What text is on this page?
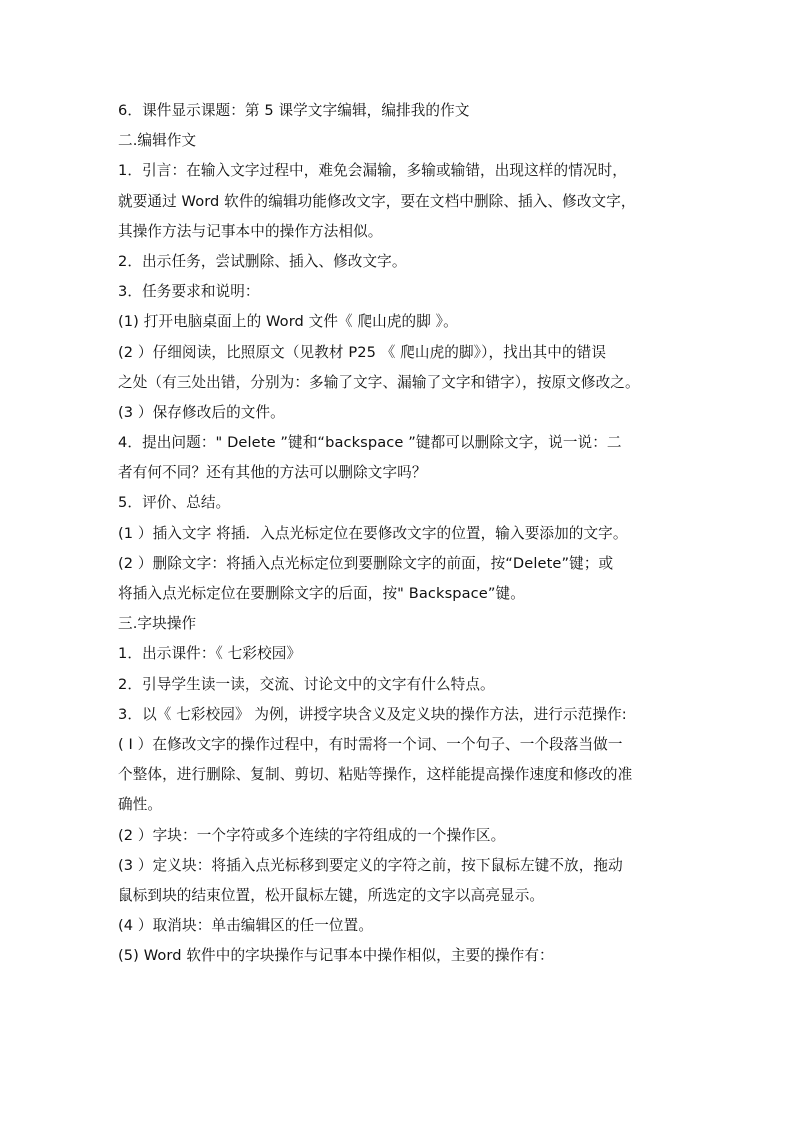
6．课件显示课题：第 5 课学文字编辑，编排我的作文
二.编辑作文
1．引言：在输入文字过程中，难免会漏输，多输或输错，出现这样的情况时，
就要通过 Word 软件的编辑功能修改文字，要在文档中删除、插入、修改文字，
其操作方法与记事本中的操作方法相似。
2．出示任务，尝试删除、插入、修改文字。
3．任务要求和说明：
(1) 打开电脑桌面上的 Word 文件《 爬山虎的脚 》。
(2 ）仔细阅读，比照原文（见教材 P25 《 爬山虎的脚》），找出其中的错误
之处（有三处出错，分别为：多输了文字、漏输了文字和错字），按原文修改之。
(3 ）保存修改后的文件。
4．提出问题：" Delete ”键和“backspace ”键都可以删除文字，说一说：二
者有何不同？还有其他的方法可以删除文字吗？
5．评价、总结。
(1 ）插入文字 将插．入点光标定位在要修改文字的位置，输入要添加的文字。
(2 ）删除文字：将插入点光标定位到要删除文字的前面，按“Delete”键；或
将插入点光标定位在要删除文字的后面，按" Backspace”键。
三.字块操作
1．出示课件：《 七彩校园》
2．引导学生读一读，交流、讨论文中的文字有什么特点。
3．以《 七彩校园》 为例，讲授字块含义及定义块的操作方法，进行示范操作:
( I ）在修改文字的操作过程中，有时需将一个词、一个句子、一个段落当做一
个整体，进行删除、复制、剪切、粘贴等操作，这样能提高操作速度和修改的准
确性。
(2 ）字块：一个字符或多个连续的字符组成的一个操作区。
(3 ）定义块：将插入点光标移到要定义的字符之前，按下鼠标左键不放，拖动
鼠标到块的结束位置，松开鼠标左键，所选定的文字以高亮显示。
(4 ）取消块：单击编辑区的任一位置。
(5) Word 软件中的字块操作与记事本中操作相似，主要的操作有：
